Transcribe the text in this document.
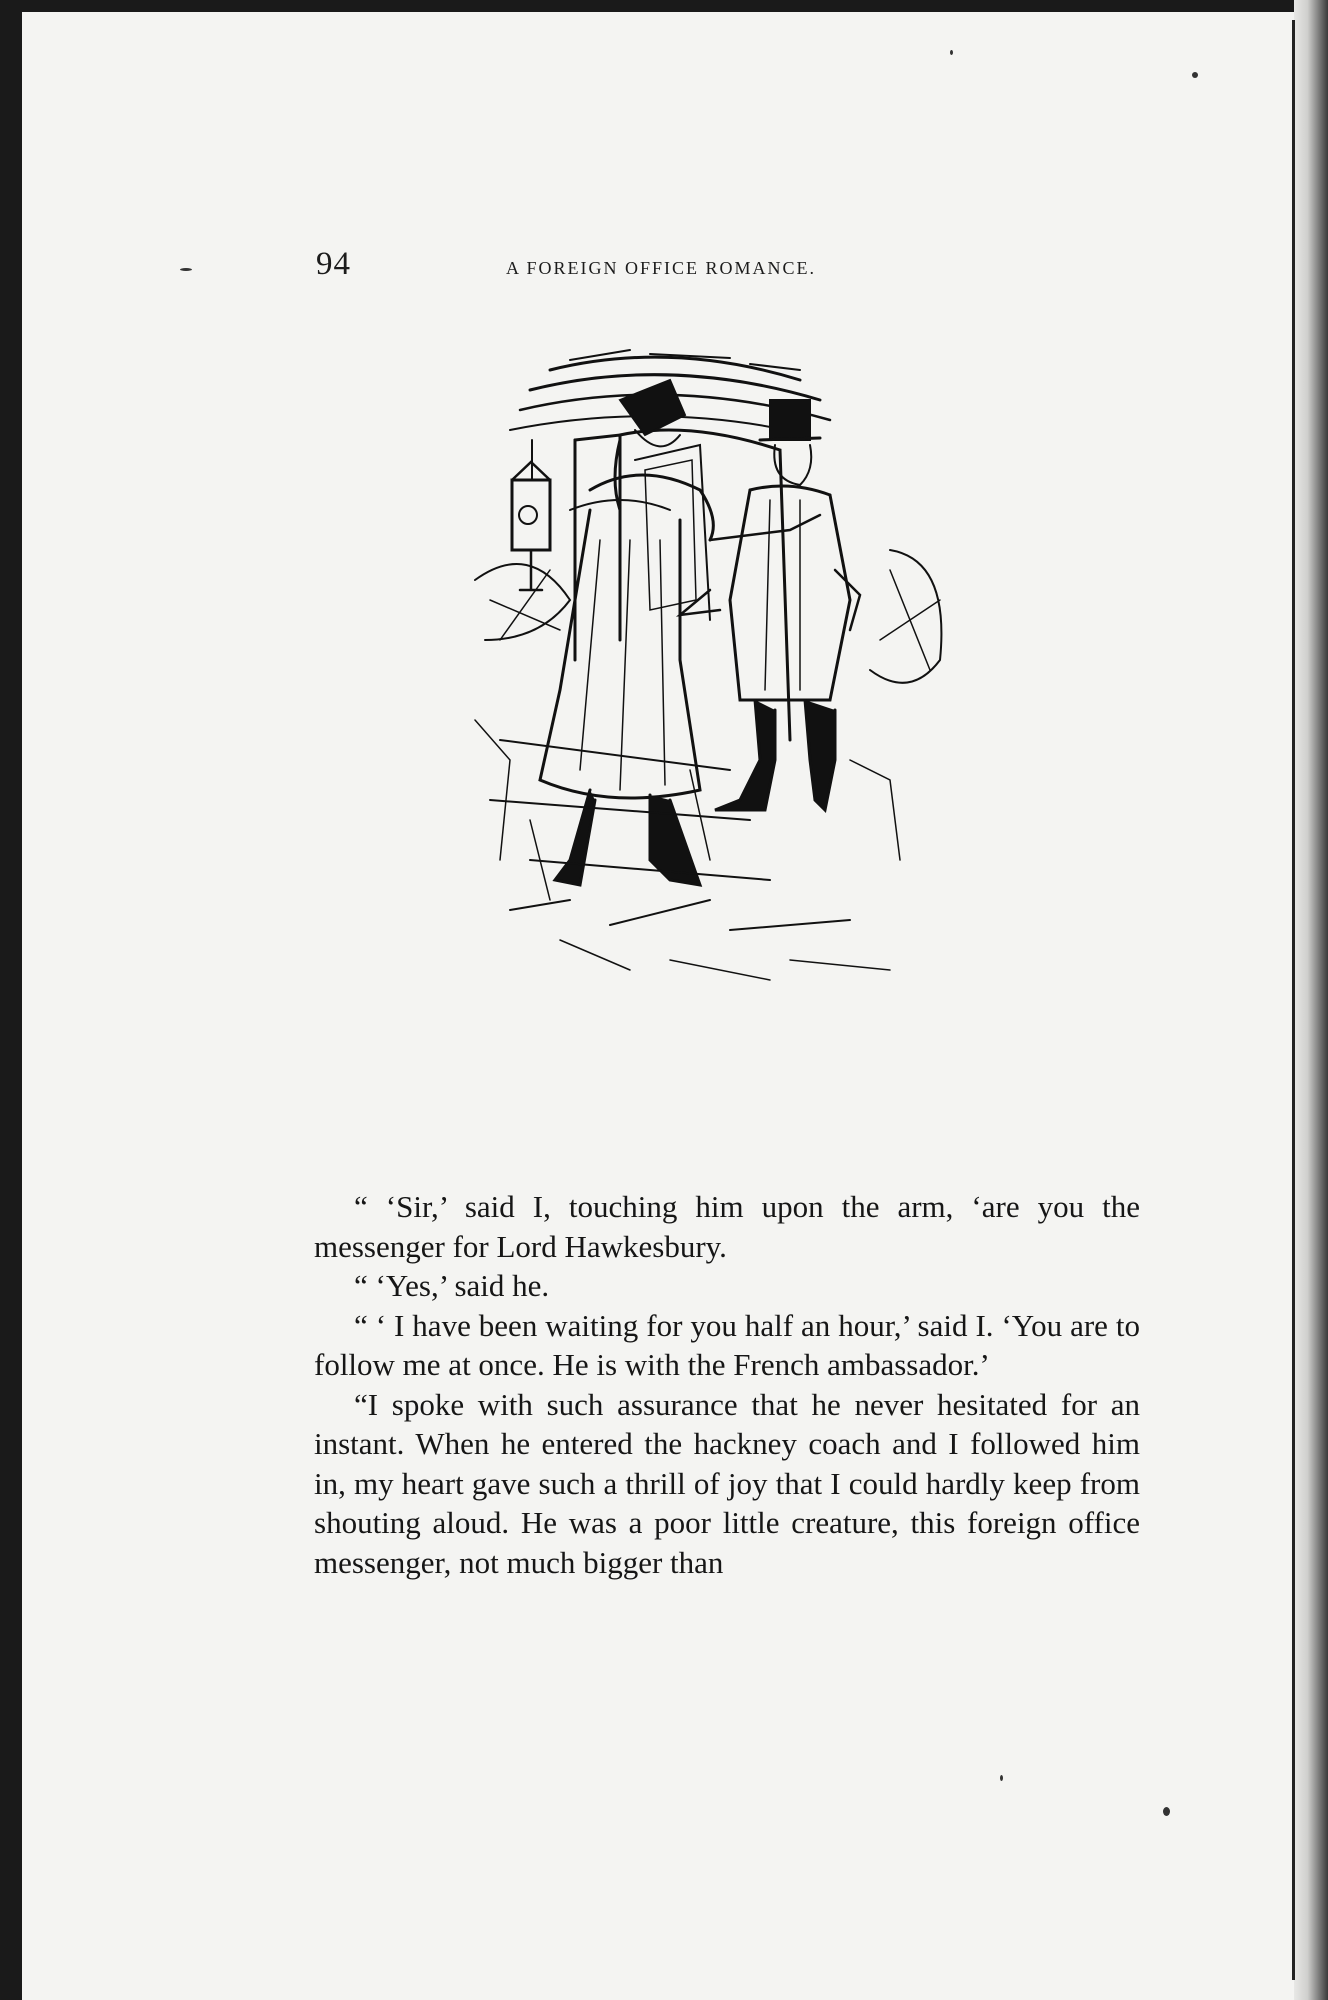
94	A FOREIGN OFFICE ROMANCE.

“ ‘Sir,’ said I, touching him upon the arm, ‘are you the messenger for Lord Hawkesbury.

“ ‘Yes,’ said he.

“ ‘ I have been waiting for you half an hour,’ said I. ‘You are to follow me at once. He is with the French ambassador.’

“I spoke with such assurance that he never hesitated for an instant. When he entered the hackney coach and I followed him in, my heart gave such a thrill of joy that I could hardly keep from shouting aloud. He was a poor little creature, this foreign office messenger, not much bigger than
